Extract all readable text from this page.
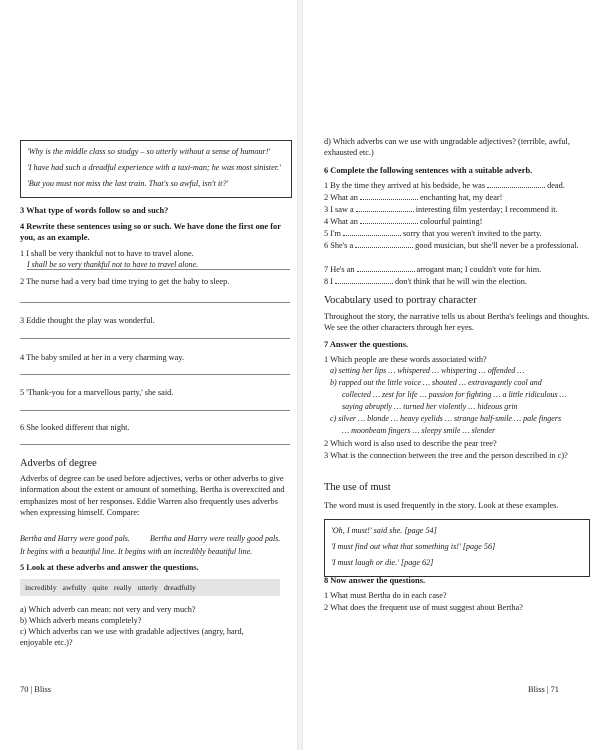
'Why is the middle class so stodgy – so utterly without a sense of humour!'
'I have had such a dreadful experience with a taxi-man; he was most sinister.'
'But you must not miss the last train. That's so awful, isn't it?'
3 What type of words follow so and such?
4 Rewrite these sentences using so or such. We have done the first one for you, as an example.
1 I shall be very thankful not to have to travel alone.
I shall be so very thankful not to have to travel alone.
2 The nurse had a very bad time trying to get the baby to sleep.
3 Eddie thought the play was wonderful.
4 The baby smiled at her in a very charming way.
5 'Thank-you for a marvellous party,' she said.
6 She looked different that night.
Adverbs of degree
Adverbs of degree can be used before adjectives, verbs or other adverbs to give information about the extent or amount of something. Bertha is overexcited and emphasizes most of her responses. Eddie Warren also frequently uses adverbs when expressing himself. Compare:
Bertha and Harry were good pals.	Bertha and Harry were really good pals.
It begins with a beautiful line. It begins with an incredibly beautiful line.
5 Look at these adverbs and answer the questions.
incredibly awfully quite really utterly dreadfully
a) Which adverb can mean: not very and very much?
b) Which adverb means completely?
c) Which adverbs can we use with gradable adjectives (angry, hard, enjoyable etc.)?
70 | Bliss
d) Which adverbs can we use with ungradable adjectives? (terrible, awful, exhausted etc.)
6 Complete the following sentences with a suitable adverb.
1 By the time they arrived at his bedside, he was	dead.
2 What an	enchanting hat, my dear!
3 I saw a	interesting film yesterday; I recommend it.
4 What an	colourful painting!
5 I'm	sorry that you weren't invited to the party.
6 She's a	good musician, but she'll never be a professional.
7 He's an	arrogant man; I couldn't vote for him.
8 I	don't think that he will win the election.
Vocabulary used to portray character
Throughout the story, the narrative tells us about Bertha's feelings and thoughts. We see the other characters through her eyes.
7 Answer the questions.
1 Which people are these words associated with?
a) setting her lips … whispered … whispering … offended …
b) rapped out the little voice … shouted … extravagantly cool and
collected … zest for life … passion for fighting … a little ridiculous …
saying abruptly … turned her violently … hideous grin
c) silver … blonde … heavy eyelids … strange half-smile … pale fingers
… moonbeam fingers … sleepy smile … slender
2 Which word is also used to describe the pear tree?
3 What is the connection between the tree and the person described in c)?
The use of must
The word must is used frequently in the story. Look at these examples.
'Oh, I must!' said she. [page 54]
'I must find out what that something is!' [page 56]
'I must laugh or die.' [page 62]
8 Now answer the questions.
1 What must Bertha do in each case?
2 What does the frequent use of must suggest about Bertha?
Bliss | 71
